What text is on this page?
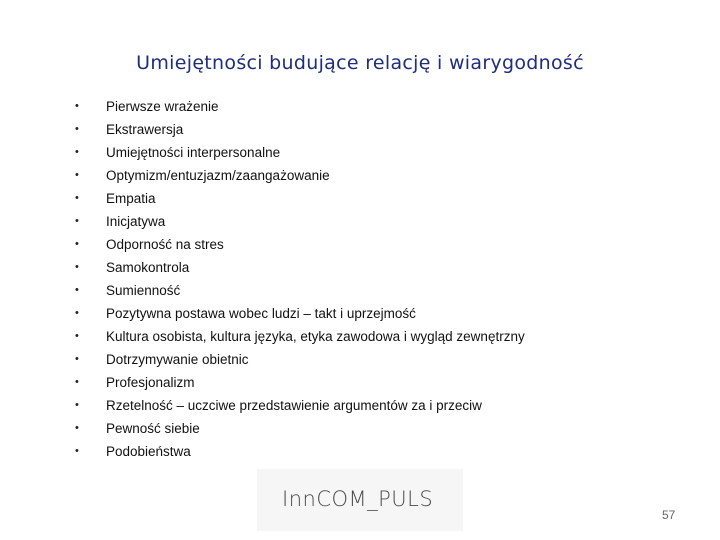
Umiejętności budujące relację i wiarygodność
•	Pierwsze wrażenie
•	Ekstrawersja
•	Umiejętności interpersonalne
•	Optymizm/entuzjazm/zaangażowanie
•	Empatia
•	Inicjatywa
•	Odporność na stres
•	Samokontrola
•	Sumienność
•	Pozytywna postawa wobec ludzi – takt i uprzejmość
•	Kultura osobista, kultura języka, etyka zawodowa i wygląd zewnętrzny
•	Dotrzymywanie obietnic
•	Profesjonalizm
•	Rzetelność – uczciwe przedstawienie argumentów za i przeciw
•	Pewność siebie
•	Podobieństwa
InnCOM_PULS
57
